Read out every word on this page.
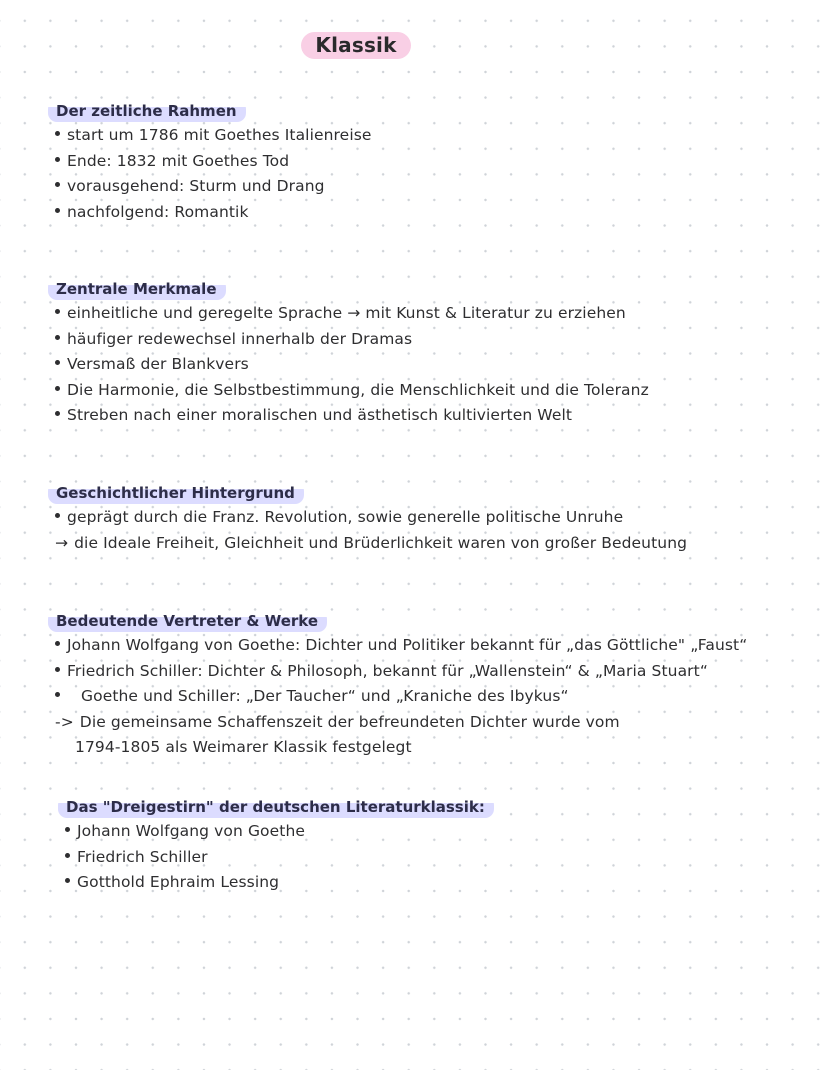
Klassik
Der zeitliche Rahmen
start um 1786 mit Goethes Italienreise
Ende: 1832 mit Goethes Tod
vorausgehend: Sturm und Drang
nachfolgend: Romantik
Zentrale Merkmale
einheitliche und geregelte Sprache → mit Kunst & Literatur zu erziehen
häufiger redewechsel innerhalb der Dramas
Versmaß der Blankvers
Die Harmonie, die Selbstbestimmung, die Menschlichkeit und die Toleranz
Streben nach einer moralischen und ästhetisch kultivierten Welt
Geschichtlicher Hintergrund
geprägt durch die Franz. Revolution, sowie generelle politische Unruhe
→ die Ideale Freiheit, Gleichheit und Brüderlichkeit waren von großer Bedeutung
Bedeutende Vertreter & Werke
Johann Wolfgang von Goethe: Dichter und Politiker bekannt für „das Göttliche" „Faust“
Friedrich Schiller: Dichter & Philosoph, bekannt für „Wallenstein“ & „Maria Stuart“
Goethe und Schiller: „Der Taucher“ und „Kraniche des Ibykus“
-> Die gemeinsame Schaffenszeit der befreundeten Dichter wurde vom
1794-1805 als Weimarer Klassik festgelegt
Das "Dreigestirn" der deutschen Literaturklassik:
Johann Wolfgang von Goethe
Friedrich Schiller
Gotthold Ephraim Lessing
